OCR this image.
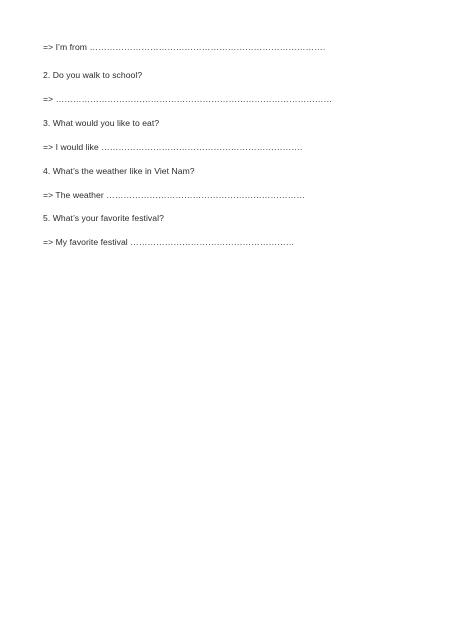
=> I’m from ……………………………………………………………………….
2. Do you walk to school?
=> ……………………………………………………………………………………
3. What would you like to eat?
=> I would like …………………………………………………………….
4. What’s the weather like in Viet Nam?
=> The weather ……………………………………………………………
5. What’s your favorite festival?
=> My favorite festival …………………………………………………
